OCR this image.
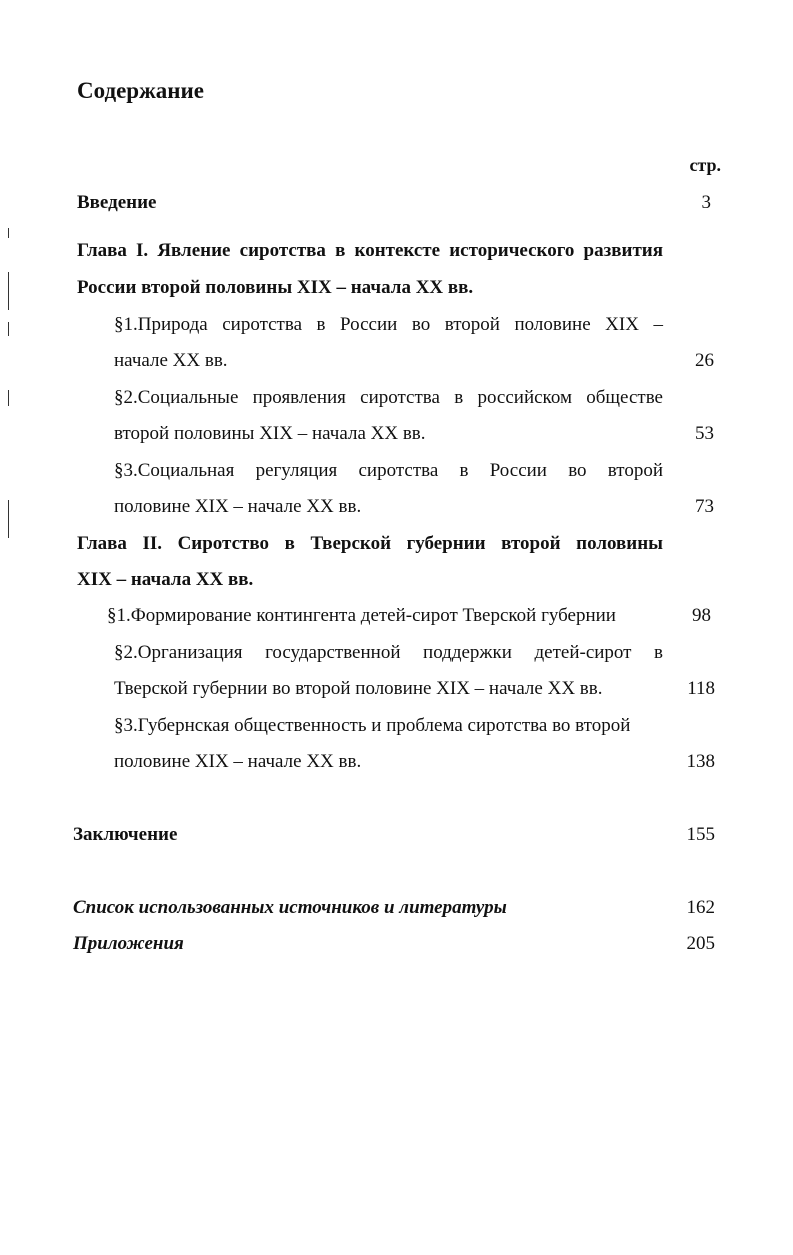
Содержание
стр.
Введение	3
Глава I. Явление сиротства в контексте исторического развития
России второй половины XIX – начала XX вв.
§1.Природа сиротства в России во второй половине XIX –
начале XX вв.	26
§2.Социальные проявления сиротства в российском обществе
второй половины XIX – начала XX вв.	53
§3.Социальная регуляция сиротства в России во второй
половине XIX – начале XX вв.	73
Глава II. Сиротство в Тверской губернии второй половины
XIX – начала XX вв.
§1.Формирование контингента детей-сирот Тверской губернии	98
§2.Организация государственной поддержки детей-сирот в
Тверской губернии во второй половине XIX – начале XX вв.	118
§3.Губернская общественность и проблема сиротства во второй
половине XIX – начале XX вв.	138
Заключение	155
Список использованных источников и литературы	162
Приложения	205
